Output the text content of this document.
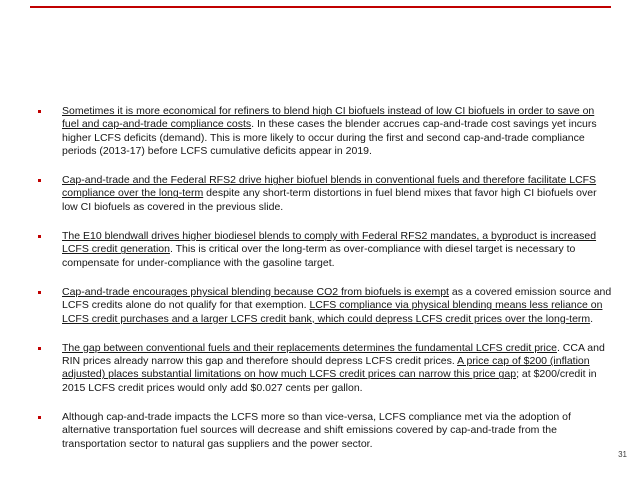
Sometimes it is more economical for refiners to blend high CI biofuels instead of low CI biofuels in order to save on fuel and cap-and-trade compliance costs. In these cases the blender accrues cap-and-trade cost savings yet incurs higher LCFS deficits (demand). This is more likely to occur during the first and second cap-and-trade compliance periods (2013-17) before LCFS cumulative deficits appear in 2019.
Cap-and-trade and the Federal RFS2 drive higher biofuel blends in conventional fuels and therefore facilitate LCFS compliance over the long-term despite any short-term distortions in fuel blend mixes that favor high CI biofuels over low CI biofuels as covered in the previous slide.
The E10 blendwall drives higher biodiesel blends to comply with Federal RFS2 mandates, a byproduct is increased LCFS credit generation. This is critical over the long-term as over-compliance with diesel target is necessary to compensate for under-compliance with the gasoline target.
Cap-and-trade encourages physical blending because CO2 from biofuels is exempt as a covered emission source and LCFS credits alone do not qualify for that exemption. LCFS compliance via physical blending means less reliance on LCFS credit purchases and a larger LCFS credit bank, which could depress LCFS credit prices over the long-term.
The gap between conventional fuels and their replacements determines the fundamental LCFS credit price. CCA and RIN prices already narrow this gap and therefore should depress LCFS credit prices. A price cap of $200 (inflation adjusted) places substantial limitations on how much LCFS credit prices can narrow this price gap; at $200/credit in 2015 LCFS credit prices would only add $0.027 cents per gallon.
Although cap-and-trade impacts the LCFS more so than vice-versa, LCFS compliance met via the adoption of alternative transportation fuel sources will decrease and shift emissions covered by cap-and-trade from the transportation sector to natural gas suppliers and the power sector.
31
